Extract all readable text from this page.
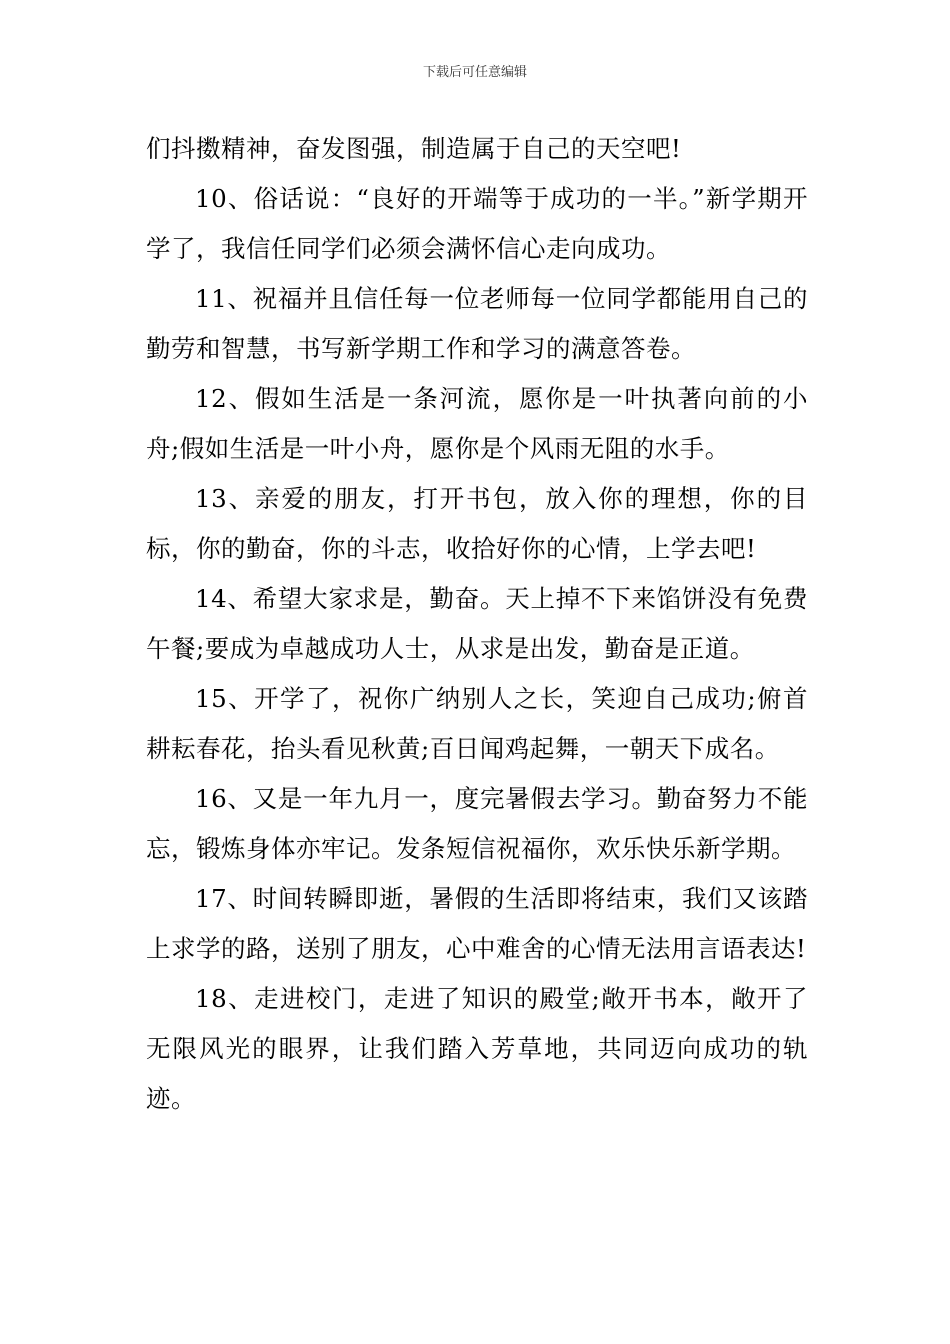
下载后可任意编辑

们抖擞精神，奋发图强，制造属于自己的天空吧!

10、俗话说：“良好的开端等于成功的一半。”新学期开学了，我信任同学们必须会满怀信心走向成功。

11、祝福并且信任每一位老师每一位同学都能用自己的勤劳和智慧，书写新学期工作和学习的满意答卷。

12、假如生活是一条河流，愿你是一叶执著向前的小舟;假如生活是一叶小舟，愿你是个风雨无阻的水手。

13、亲爱的朋友，打开书包，放入你的理想，你的目标，你的勤奋，你的斗志，收拾好你的心情，上学去吧!

14、希望大家求是，勤奋。天上掉不下来馅饼没有免费午餐;要成为卓越成功人士，从求是出发，勤奋是正道。

15、开学了，祝你广纳别人之长，笑迎自己成功;俯首耕耘春花，抬头看见秋黄;百日闻鸡起舞，一朝天下成名。

16、又是一年九月一，度完暑假去学习。勤奋努力不能忘，锻炼身体亦牢记。发条短信祝福你，欢乐快乐新学期。

17、时间转瞬即逝，暑假的生活即将结束，我们又该踏上求学的路，送别了朋友，心中难舍的心情无法用言语表达!

18、走进校门，走进了知识的殿堂;敞开书本，敞开了无限风光的眼界，让我们踏入芳草地，共同迈向成功的轨迹。
